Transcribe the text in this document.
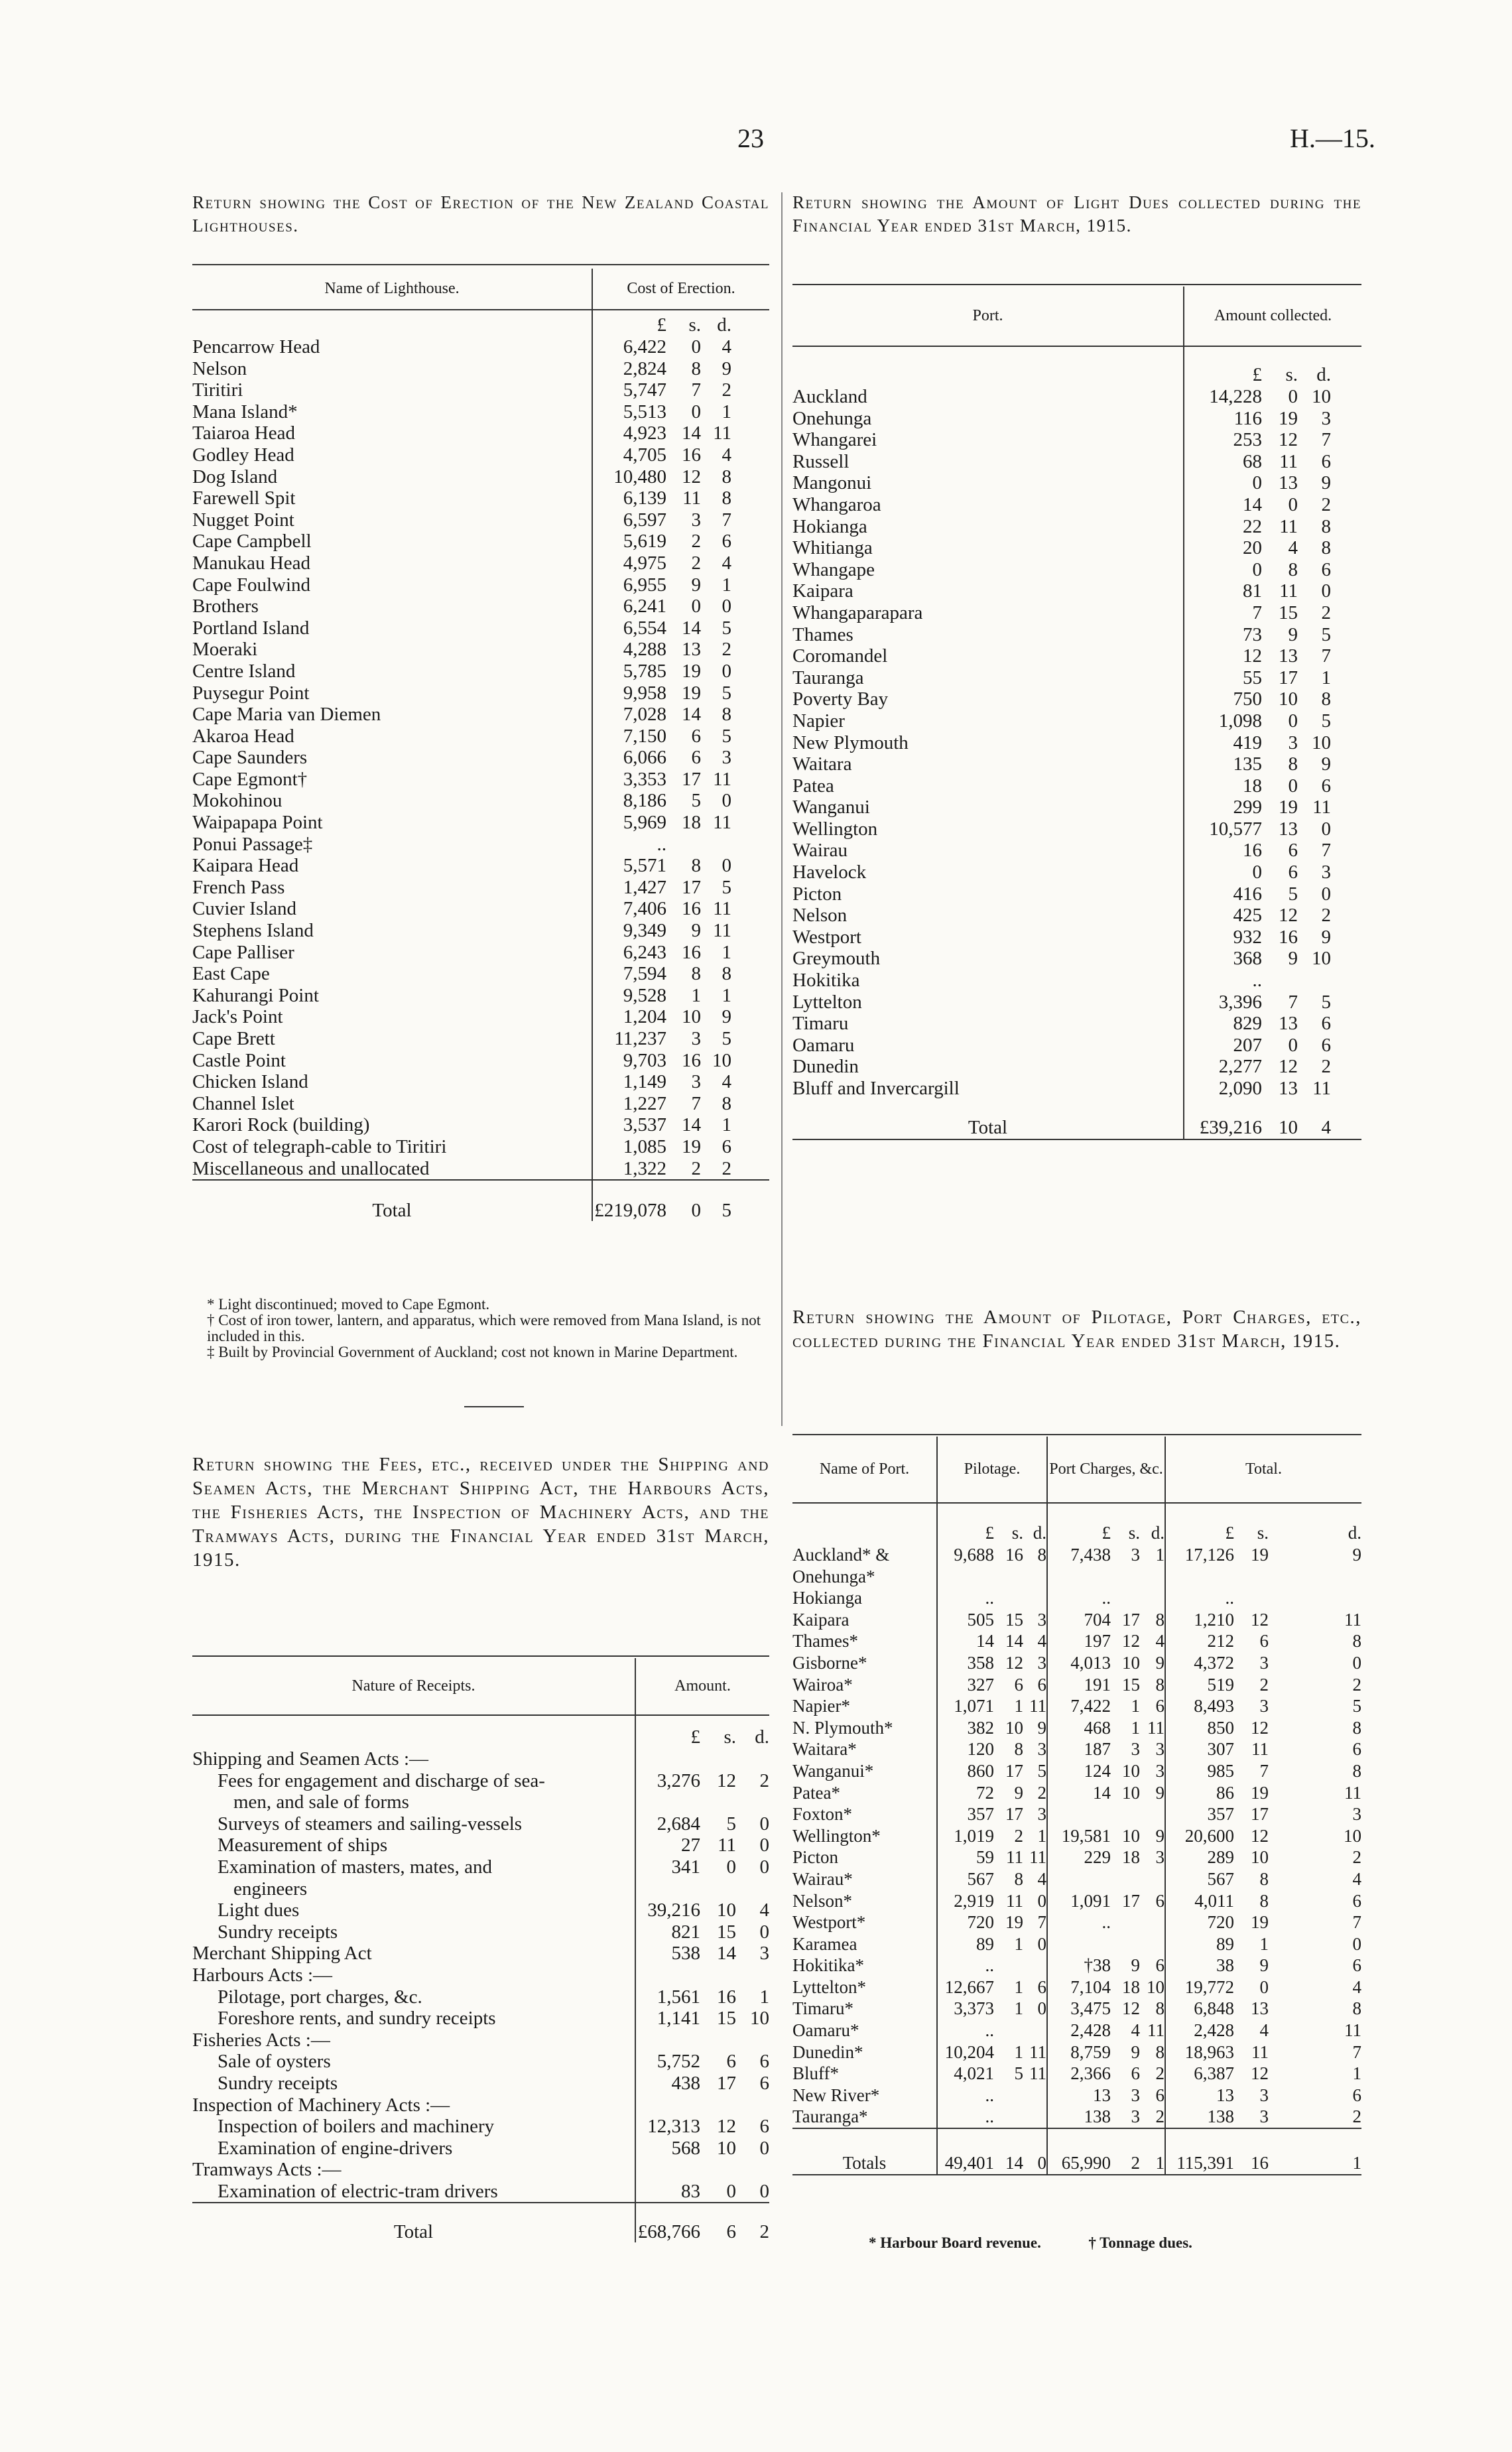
23	H.—15.
Return showing the Cost of Erection of the New Zealand Coastal Lighthouses.
Name of Lighthouse.	Cost of Erection.			
	£	s.	d.	
Pencarrow Head	6,422	0	4	
Nelson	2,824	8	9	
Tiritiri	5,747	7	2	
Mana Island*	5,513	0	1	
Taiaroa Head	4,923	14	11	
Godley Head	4,705	16	4	
Dog Island	10,480	12	8	
Farewell Spit	6,139	11	8	
Nugget Point	6,597	3	7	
Cape Campbell	5,619	2	6	
Manukau Head	4,975	2	4	
Cape Foulwind	6,955	9	1	
Brothers	6,241	0	0	
Portland Island	6,554	14	5	
Moeraki	4,288	13	2	
Centre Island	5,785	19	0	
Puysegur Point	9,958	19	5	
Cape Maria van Diemen	7,028	14	8	
Akaroa Head	7,150	6	5	
Cape Saunders	6,066	6	3	
Cape Egmont†	3,353	17	11	
Mokohinou	8,186	5	0	
Waipapapa Point	5,969	18	11	
Ponui Passage‡	..			
Kaipara Head	5,571	8	0	
French Pass	1,427	17	5	
Cuvier Island	7,406	16	11	
Stephens Island	9,349	9	11	
Cape Palliser	6,243	16	1	
East Cape	7,594	8	8	
Kahurangi Point	9,528	1	1	
Jack's Point	1,204	10	9	
Cape Brett	11,237	3	5	
Castle Point	9,703	16	10	
Chicken Island	1,149	3	4	
Channel Islet	1,227	7	8	
Karori Rock (building)	3,537	14	1	
Cost of telegraph-cable to Tiritiri	1,085	19	6	
Miscellaneous and unallocated	1,322	2	2	
Total	£219,078	0	5	
* Light discontinued; moved to Cape Egmont.
† Cost of iron tower, lantern, and apparatus, which were removed from Mana Island, is not included in this.
‡ Built by Provincial Government of Auckland; cost not known in Marine Department.
Return showing the Fees, etc., received under the Shipping and Seamen Acts, the Merchant Shipping Act, the Harbours Acts, the Fisheries Acts, the Inspection of Machinery Acts, and the Tramways Acts, during the Financial Year ended 31st March, 1915.
Nature of Receipts.	Amount.		
	£	s.	d.
Shipping and Seamen Acts :—			
Fees for engagement and discharge of sea-	3,276	12	2
men, and sale of forms			
Surveys of steamers and sailing-vessels	2,684	5	0
Measurement of ships	27	11	0
Examination of masters, mates, and	341	0	0
engineers			
Light dues	39,216	10	4
Sundry receipts	821	15	0
Merchant Shipping Act	538	14	3
Harbours Acts :—			
Pilotage, port charges, &c.	1,561	16	1
Foreshore rents, and sundry receipts	1,141	15	10
Fisheries Acts :—			
Sale of oysters	5,752	6	6
Sundry receipts	438	17	6
Inspection of Machinery Acts :—			
Inspection of boilers and machinery	12,313	12	6
Examination of engine-drivers	568	10	0
Tramways Acts :—			
Examination of electric-tram drivers	83	0	0
Total	£68,766	6	2
Return showing the Amount of Light Dues collected during the Financial Year ended 31st March, 1915.
Port.	Amount collected.			
	£	s.	d.	
Auckland	14,228	0	10	
Onehunga	116	19	3	
Whangarei	253	12	7	
Russell	68	11	6	
Mangonui	0	13	9	
Whangaroa	14	0	2	
Hokianga	22	11	8	
Whitianga	20	4	8	
Whangape	0	8	6	
Kaipara	81	11	0	
Whangaparapara	7	15	2	
Thames	73	9	5	
Coromandel	12	13	7	
Tauranga	55	17	1	
Poverty Bay	750	10	8	
Napier	1,098	0	5	
New Plymouth	419	3	10	
Waitara	135	8	9	
Patea	18	0	6	
Wanganui	299	19	11	
Wellington	10,577	13	0	
Wairau	16	6	7	
Havelock	0	6	3	
Picton	416	5	0	
Nelson	425	12	2	
Westport	932	16	9	
Greymouth	368	9	10	
Hokitika	..			
Lyttelton	3,396	7	5	
Timaru	829	13	6	
Oamaru	207	0	6	
Dunedin	2,277	12	2	
Bluff and Invercargill	2,090	13	11	
Total	£39,216	10	4	
Return showing the Amount of Pilotage, Port Charges, etc., collected during the Financial Year ended 31st March, 1915.
Name of Port.	Pilotage.			Port Charges, &c.			Total.		
	£	s.	d.	£	s.	d.	£	s.	d.
Auckland* &	9,688	16	8	7,438	3	1	17,126	19	9
Onehunga*									
Hokianga	..			..			..		
Kaipara	505	15	3	704	17	8	1,210	12	11
Thames*	14	14	4	197	12	4	212	6	8
Gisborne*	358	12	3	4,013	10	9	4,372	3	0
Wairoa*	327	6	6	191	15	8	519	2	2
Napier*	1,071	1	11	7,422	1	6	8,493	3	5
N. Plymouth*	382	10	9	468	1	11	850	12	8
Waitara*	120	8	3	187	3	3	307	11	6
Wanganui*	860	17	5	124	10	3	985	7	8
Patea*	72	9	2	14	10	9	86	19	11
Foxton*	357	17	3				357	17	3
Wellington*	1,019	2	1	19,581	10	9	20,600	12	10
Picton	59	11	11	229	18	3	289	10	2
Wairau*	567	8	4				567	8	4
Nelson*	2,919	11	0	1,091	17	6	4,011	8	6
Westport*	720	19	7	..			720	19	7
Karamea	89	1	0				89	1	0
Hokitika*	..			†38	9	6	38	9	6
Lyttelton*	12,667	1	6	7,104	18	10	19,772	0	4
Timaru*	3,373	1	0	3,475	12	8	6,848	13	8
Oamaru*	..			2,428	4	11	2,428	4	11
Dunedin*	10,204	1	11	8,759	9	8	18,963	11	7
Bluff*	4,021	5	11	2,366	6	2	6,387	12	1
New River*	..			13	3	6	13	3	6
Tauranga*	..			138	3	2	138	3	2
Totals	49,401	14	0	65,990	2	1	115,391	16	1
* Harbour Board revenue.	† Tonnage dues.
